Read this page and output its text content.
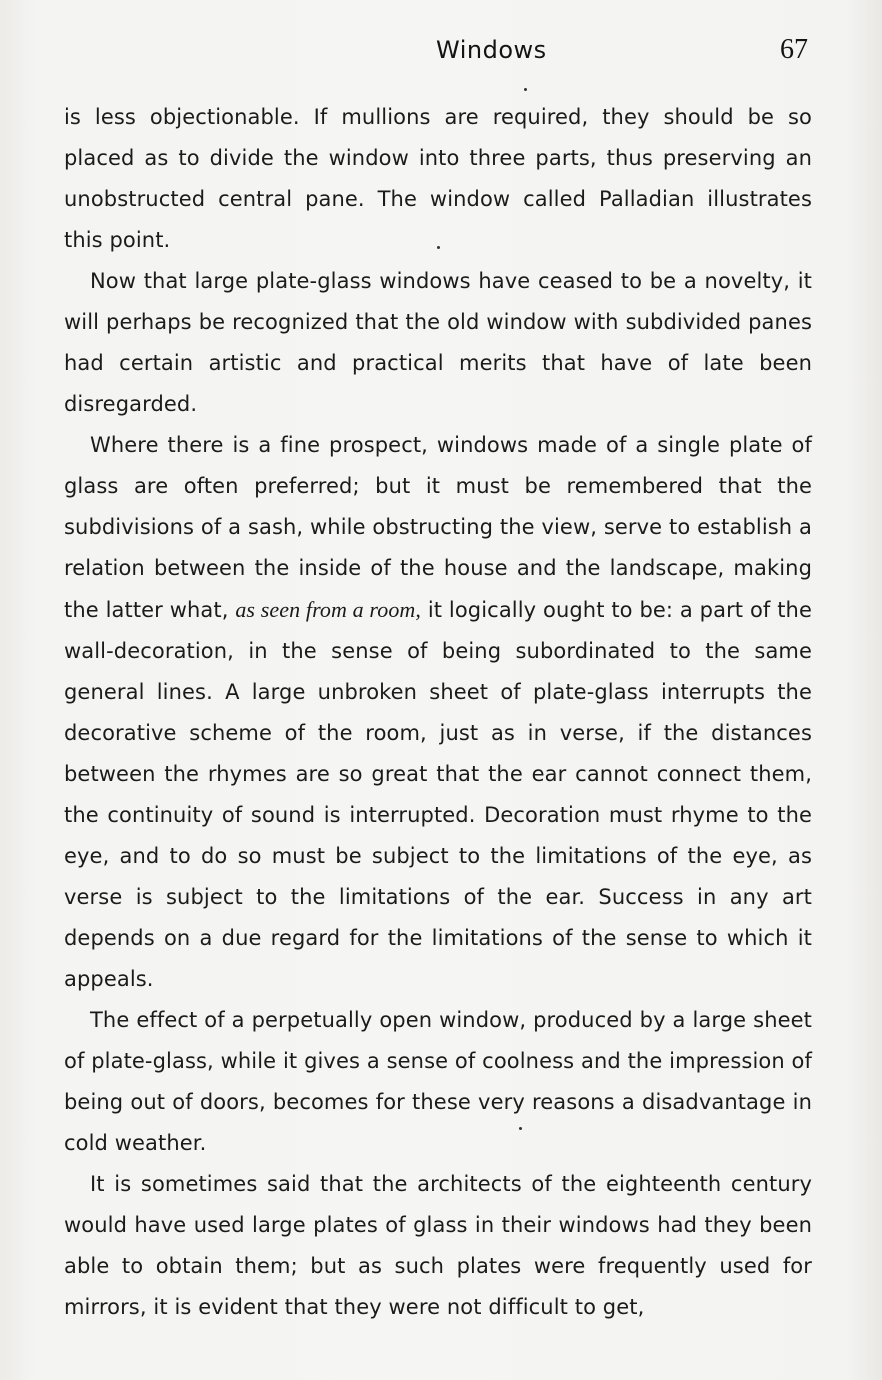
Windows	67

is less objectionable. If mullions are required, they should be so placed as to divide the window into three parts, thus preserving an unobstructed central pane. The window called Palladian illustrates this point.

Now that large plate-glass windows have ceased to be a novelty, it will perhaps be recognized that the old window with subdivided panes had certain artistic and practical merits that have of late been disregarded.

Where there is a fine prospect, windows made of a single plate of glass are often preferred; but it must be remembered that the subdivisions of a sash, while obstructing the view, serve to establish a relation between the inside of the house and the landscape, making the latter what, as seen from a room, it logically ought to be: a part of the wall-decoration, in the sense of being subordinated to the same general lines. A large unbroken sheet of plate-glass interrupts the decorative scheme of the room, just as in verse, if the distances between the rhymes are so great that the ear cannot connect them, the continuity of sound is interrupted. Decoration must rhyme to the eye, and to do so must be subject to the limitations of the eye, as verse is subject to the limitations of the ear. Success in any art depends on a due regard for the limitations of the sense to which it appeals.

The effect of a perpetually open window, produced by a large sheet of plate-glass, while it gives a sense of coolness and the impression of being out of doors, becomes for these very reasons a disadvantage in cold weather.

It is sometimes said that the architects of the eighteenth century would have used large plates of glass in their windows had they been able to obtain them; but as such plates were frequently used for mirrors, it is evident that they were not difficult to get,
